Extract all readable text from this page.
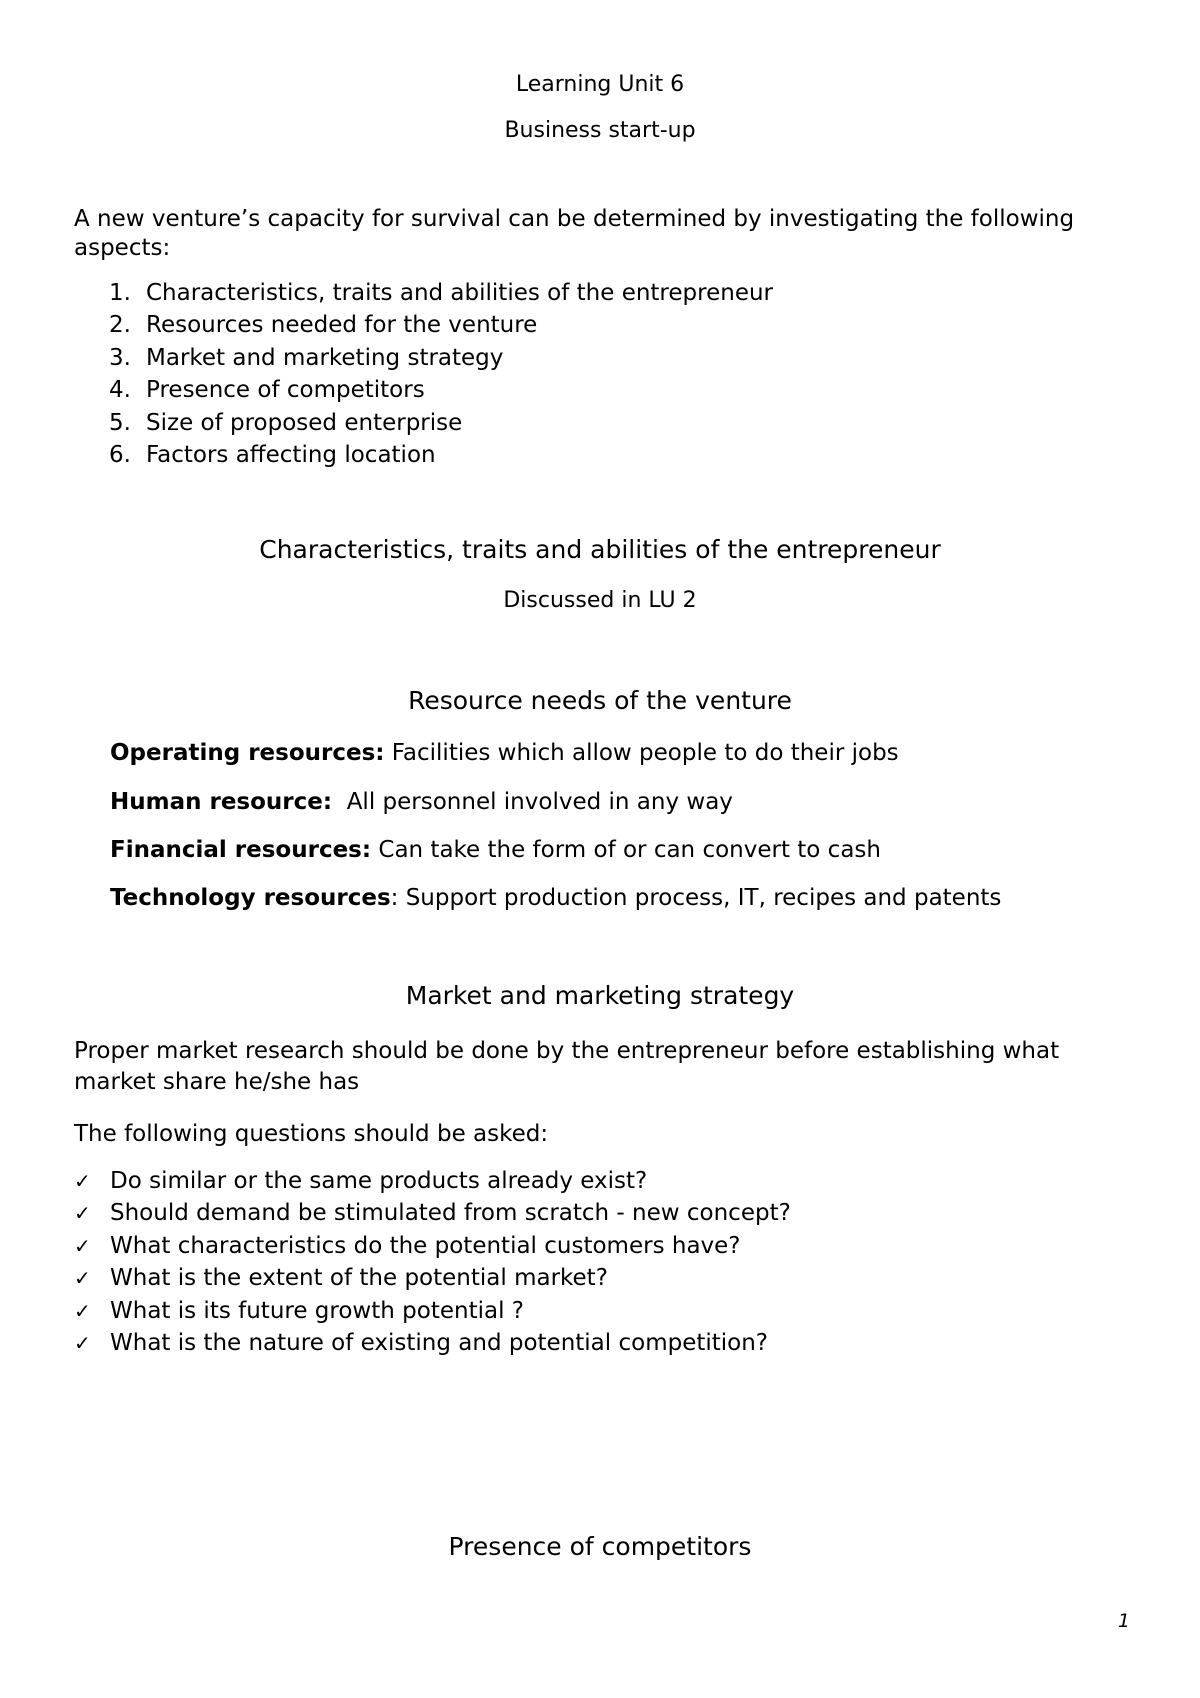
Learning Unit 6
Business start-up
A new venture’s capacity for survival can be determined by investigating the following aspects:
1. Characteristics, traits and abilities of the entrepreneur
2. Resources needed for the venture
3. Market and marketing strategy
4. Presence of competitors
5. Size of proposed enterprise
6. Factors affecting location
Characteristics, traits and abilities of the entrepreneur
Discussed in LU 2
Resource needs of the venture
Operating resources: Facilities which allow people to do their jobs
Human resource:  All personnel involved in any way
Financial resources: Can take the form of or can convert to cash
Technology resources: Support production process, IT, recipes and patents
Market and marketing strategy
Proper market research should be done by the entrepreneur before establishing what market share he/she has
The following questions should be asked:
✓ Do similar or the same products already exist?
✓ Should demand be stimulated from scratch - new concept?
✓ What characteristics do the potential customers have?
✓ What is the extent of the potential market?
✓ What is its future growth potential ?
✓ What is the nature of existing and potential competition?
Presence of competitors
1
